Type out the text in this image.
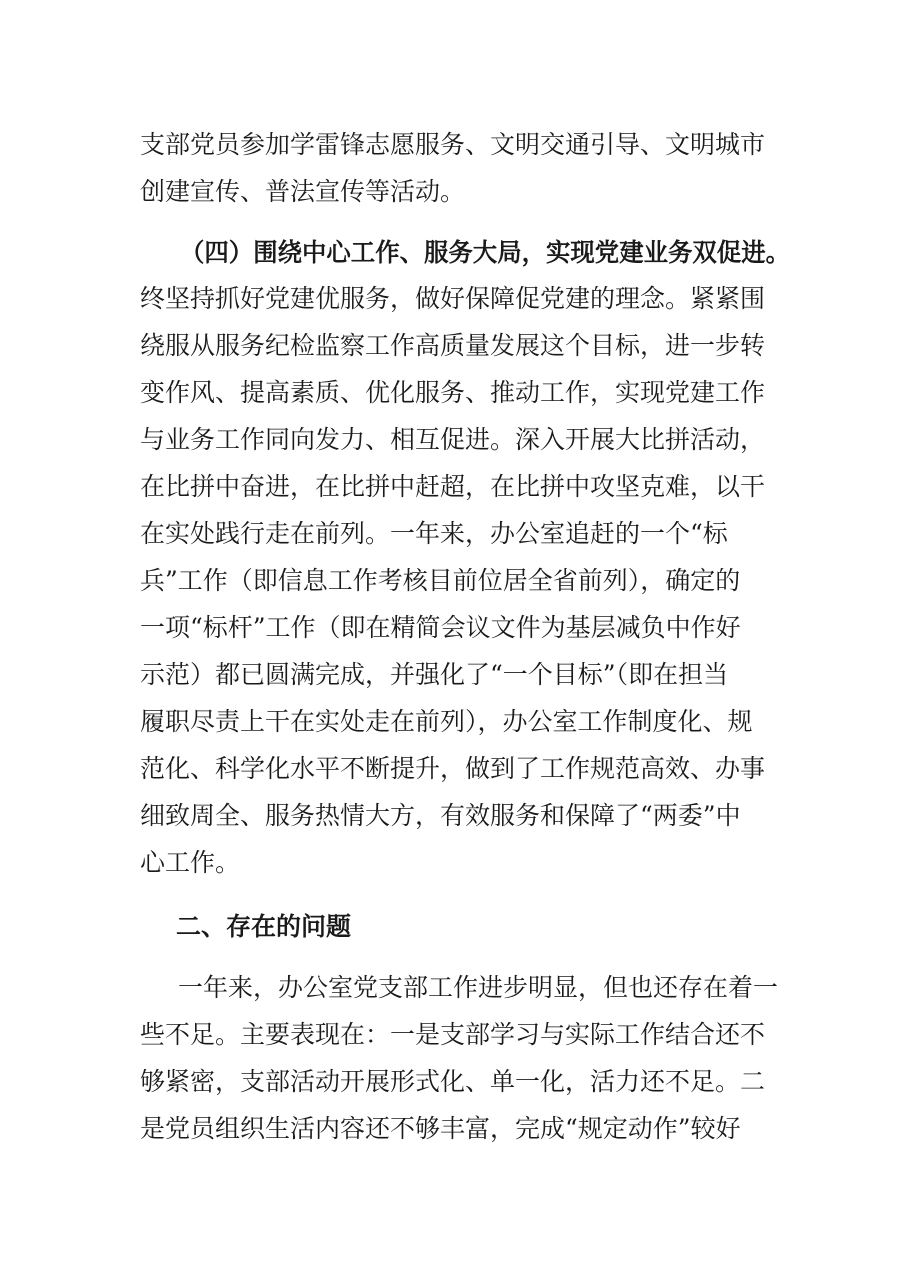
支部党员参加学雷锋志愿服务、文明交通引导、文明城市
创建宣传、普法宣传等活动。
（四）围绕中心工作、服务大局，实现党建业务双促进。
终坚持抓好党建优服务，做好保障促党建的理念。紧紧围
绕服从服务纪检监察工作高质量发展这个目标，进一步转
变作风、提高素质、优化服务、推动工作，实现党建工作
与业务工作同向发力、相互促进。深入开展大比拼活动，
在比拼中奋进，在比拼中赶超，在比拼中攻坚克难，以干
在实处践行走在前列。一年来，办公室追赶的一个“标
兵”工作（即信息工作考核目前位居全省前列），确定的
一项“标杆”工作（即在精简会议文件为基层减负中作好
示范）都已圆满完成，并强化了“一个目标”（即在担当
履职尽责上干在实处走在前列），办公室工作制度化、规
范化、科学化水平不断提升，做到了工作规范高效、办事
细致周全、服务热情大方，有效服务和保障了“两委”中
心工作。
二、存在的问题
一年来，办公室党支部工作进步明显，但也还存在着一
些不足。主要表现在：一是支部学习与实际工作结合还不
够紧密，支部活动开展形式化、单一化，活力还不足。二
是党员组织生活内容还不够丰富，完成“规定动作”较好
